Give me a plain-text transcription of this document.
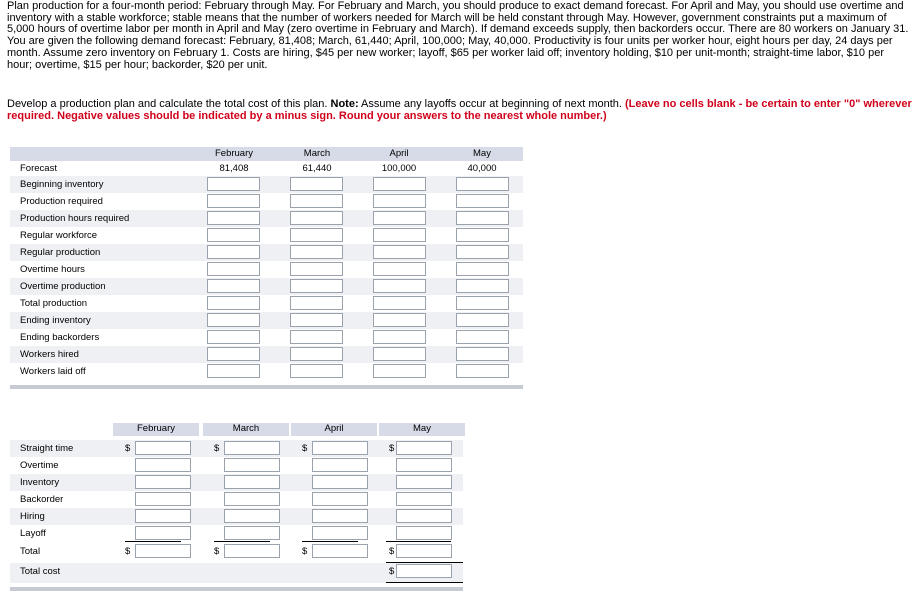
Plan production for a four-month period: February through May. For February and March, you should produce to exact demand forecast. For April and May, you should use overtime and inventory with a stable workforce; stable means that the number of workers needed for March will be held constant through May. However, government constraints put a maximum of 5,000 hours of overtime labor per month in April and May (zero overtime in February and March). If demand exceeds supply, then backorders occur. There are 80 workers on January 31. You are given the following demand forecast: February, 81,408; March, 61,440; April, 100,000; May, 40,000. Productivity is four units per worker hour, eight hours per day, 24 days per month. Assume zero inventory on February 1. Costs are hiring, $45 per new worker; layoff, $65 per worker laid off; inventory holding, $10 per unit-month; straight-time labor, $10 per hour; overtime, $15 per hour; backorder, $20 per unit.

Develop a production plan and calculate the total cost of this plan. Note: Assume any layoffs occur at beginning of next month. (Leave no cells blank - be certain to enter "0" wherever required. Negative values should be indicated by a minus sign. Round your answers to the nearest whole number.)

February	March	April	May
Forecast	81,408	61,440	100,000	40,000
Beginning inventory
Production required
Production hours required
Regular workforce
Regular production
Overtime hours
Overtime production
Total production
Ending inventory
Ending backorders
Workers hired
Workers laid off
February	March	April	May
Straight time	$	$	$	$
Overtime
Inventory
Backorder
Hiring
Layoff
Total	$	$	$	$
Total cost	$
